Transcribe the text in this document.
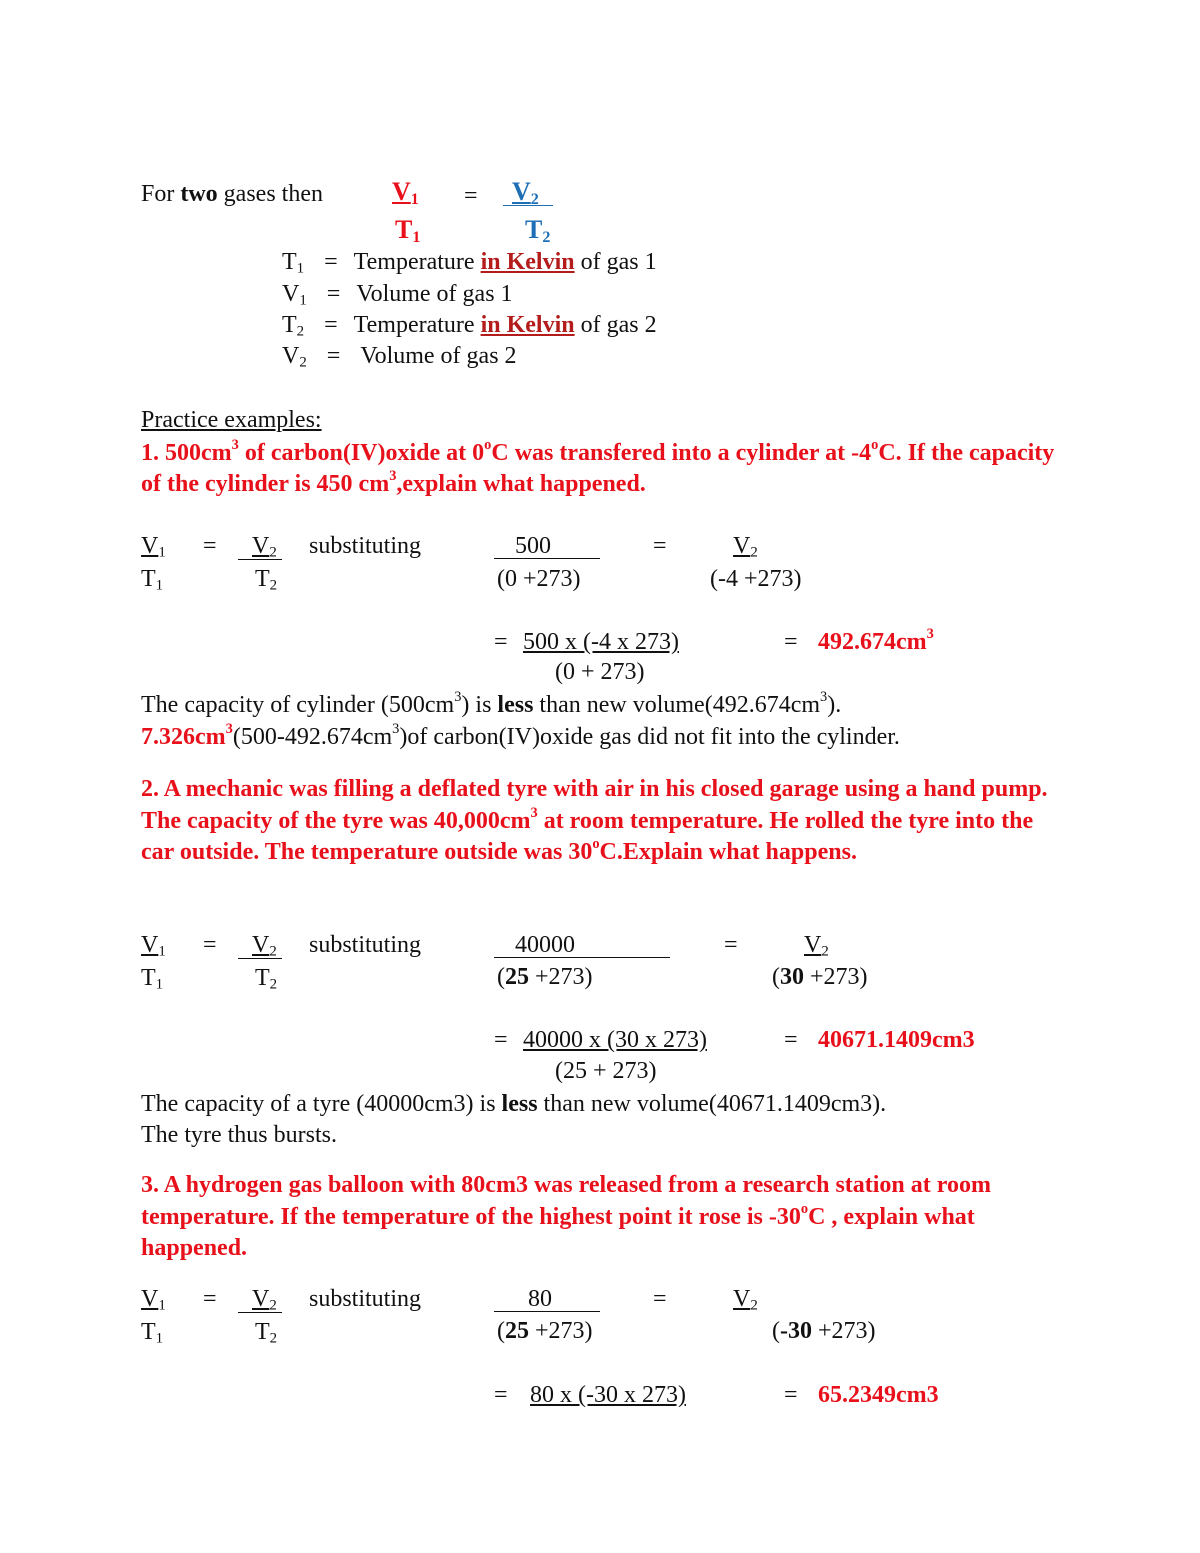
For two gases then	$V_1 = V_2$
$T_1$	$T_2$
$T_1$ = Temperature in Kelvin of gas 1
$V_1$ = Volume of gas 1
$T_2$ = Temperature in Kelvin of gas 2
$V_2$ = Volume of gas 2
Practice examples:
1. $500cm^3$ of carbon(IV)oxide at 0$^o$C was transfered into a cylinder at -4$^o$C. If the capacity of the cylinder is 450 $cm^3,explain$ what happened.
$V_1$
$T_1$
= $V_2$
$T_2$
substituting	500
(0 +273)
=	$V_2$
(-4 +273)
= 500 x (-4 x 273)
(0 + 273)
= $492.674cm^3$
The capacity of cylinder $(500cm^3)$ is less than new $volume(492.674cm^3)$.
$7.326cm^3(500-492.674cm^3)of$ carbon(IV)oxide gas did not fit into the cylinder.
2. A mechanic was filling a deflated tyre with air in his closed garage using a hand pump. The capacity of the tyre was $40,000cm^3$ at room temperature. He rolled the tyre into the car outside. The temperature outside was 30$^o$C.Explain what happens.
$V_1$
$T_1$
= $V_2$
$T_2$
substituting	40000
(25 +273)
=	$V_2$
(30 +273)
= 40000 x (30 x 273)
(25 + 273)
= 40671.1409cm3
The capacity of a tyre (40000cm3) is less than new volume(40671.1409cm3).
The tyre thus bursts.
3. A hydrogen gas balloon with 80cm3 was released from a research station at room temperature. If the temperature of the highest point it rose is -30$^o$C , explain what happened.
$V_1$
$T_1$
= $V_2$
$T_2$
substituting	80
(25 +273)
=	$V_2$
(-30 +273)
= 80 x (-30 x 273)	= 65.2349cm3
